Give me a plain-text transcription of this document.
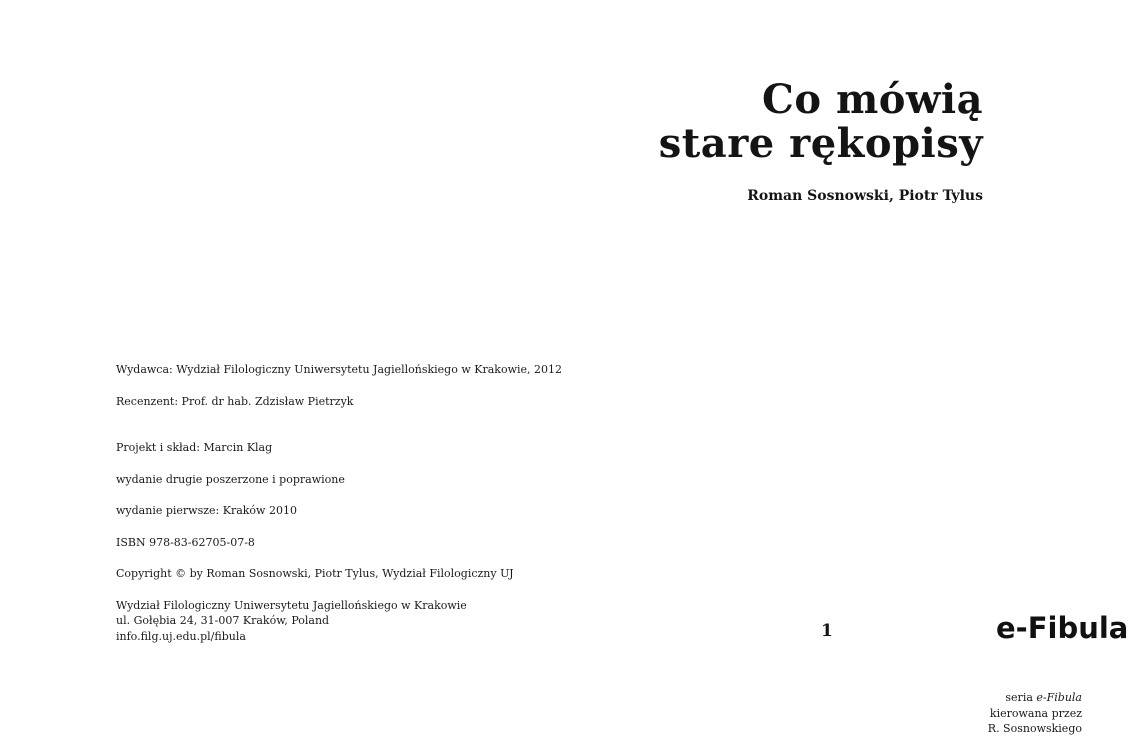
Co mówią
stare rękopisy
Roman Sosnowski, Piotr Tylus
Wydawca: Wydział Filologiczny Uniwersytetu Jagiellońskiego w Krakowie, 2012
Recenzent: Prof. dr hab. Zdzisław Pietrzyk
Projekt i skład: Marcin Klag
wydanie drugie poszerzone i poprawione
wydanie pierwsze: Kraków 2010
ISBN 978-83-62705-07-8
Copyright © by Roman Sosnowski, Piotr Tylus, Wydział Filologiczny UJ
Wydział Filologiczny Uniwersytetu Jagiellońskiego w Krakowie
ul. Gołębia 24, 31-007 Kraków, Poland
info.filg.uj.edu.pl/fibula	1	e-Fibula
seria e-Fibula
kierowana przez
R. Sosnowskiego
